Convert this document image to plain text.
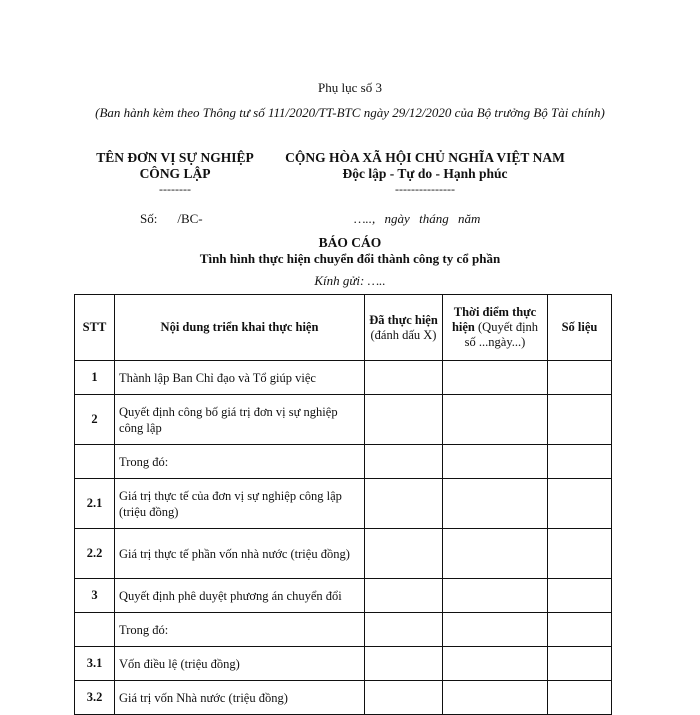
Phụ lục số 3
(Ban hành kèm theo Thông tư số 111/2020/TT-BTC ngày 29/12/2020 của Bộ trưởng Bộ Tài chính)
TÊN ĐƠN VỊ SỰ NGHIỆP
CÔNG LẬP
CỘNG HÒA XÃ HỘI CHỦ NGHĨA VIỆT NAM
Độc lập - Tự do - Hạnh phúc
--------	---------------
Số: /BC-	….., ngày tháng năm
BÁO CÁO
Tình hình thực hiện chuyển đổi thành công ty cổ phần
Kính gửi: …..
STT	Nội dung triển khai thực hiện	Đã thực hiện (đánh dấu X)	Thời điểm thực hiện (Quyết định số ...ngày...)	Số liệu
1	Thành lập Ban Chỉ đạo và Tổ giúp việc			
2	Quyết định công bố giá trị đơn vị sự nghiệp công lập			
	Trong đó:			
2.1	Giá trị thực tế của đơn vị sự nghiệp công lập (triệu đồng)			
2.2	Giá trị thực tế phần vốn nhà nước (triệu đồng)			
3	Quyết định phê duyệt phương án chuyển đổi			
	Trong đó:			
3.1	Vốn điều lệ (triệu đồng)			
3.2	Giá trị vốn Nhà nước (triệu đồng)			
